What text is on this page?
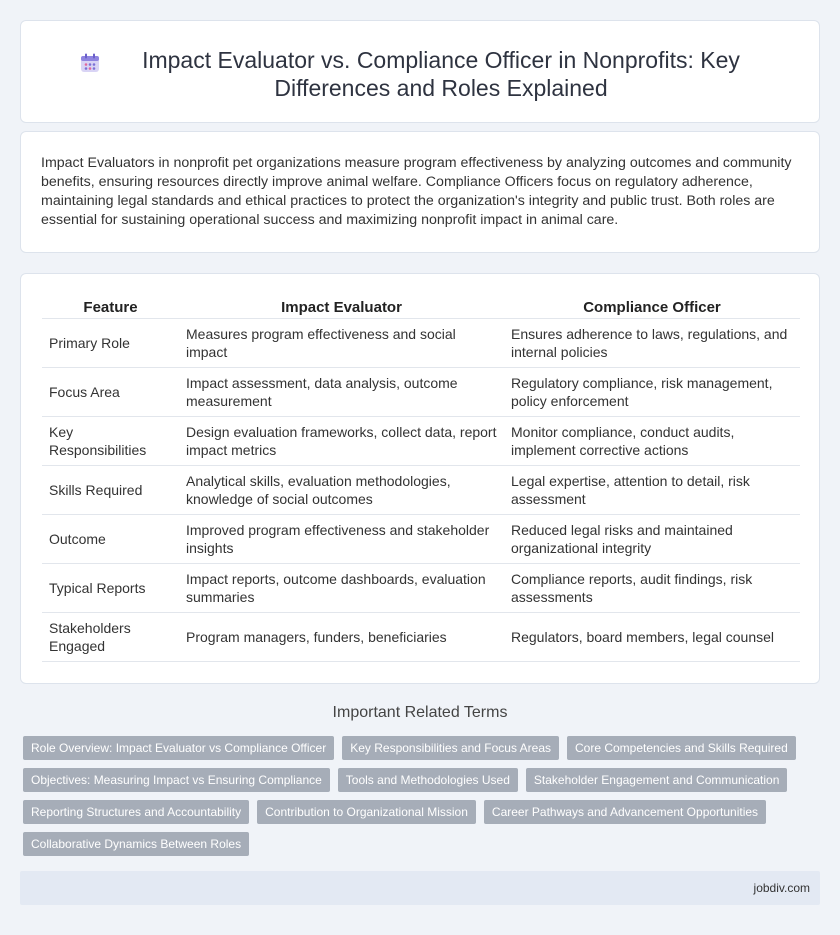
Impact Evaluator vs. Compliance Officer in Nonprofits: Key Differences and Roles Explained

Impact Evaluators in nonprofit pet organizations measure program effectiveness by analyzing outcomes and community benefits, ensuring resources directly improve animal welfare. Compliance Officers focus on regulatory adherence, maintaining legal standards and ethical practices to protect the organization's integrity and public trust. Both roles are essential for sustaining operational success and maximizing nonprofit impact in animal care.

Feature	Impact Evaluator	Compliance Officer
Primary Role	Measures program effectiveness and social impact	Ensures adherence to laws, regulations, and internal policies
Focus Area	Impact assessment, data analysis, outcome measurement	Regulatory compliance, risk management, policy enforcement
Key Responsibilities	Design evaluation frameworks, collect data, report impact metrics	Monitor compliance, conduct audits, implement corrective actions
Skills Required	Analytical skills, evaluation methodologies, knowledge of social outcomes	Legal expertise, attention to detail, risk assessment
Outcome	Improved program effectiveness and stakeholder insights	Reduced legal risks and maintained organizational integrity
Typical Reports	Impact reports, outcome dashboards, evaluation summaries	Compliance reports, audit findings, risk assessments
Stakeholders Engaged	Program managers, funders, beneficiaries	Regulators, board members, legal counsel
Important Related Terms
Role Overview: Impact Evaluator vs Compliance Officer	Key Responsibilities and Focus Areas	Core Competencies and Skills Required
Objectives: Measuring Impact vs Ensuring Compliance	Tools and Methodologies Used	Stakeholder Engagement and Communication
Reporting Structures and Accountability	Contribution to Organizational Mission	Career Pathways and Advancement Opportunities
Collaborative Dynamics Between Roles
jobdiv.com
